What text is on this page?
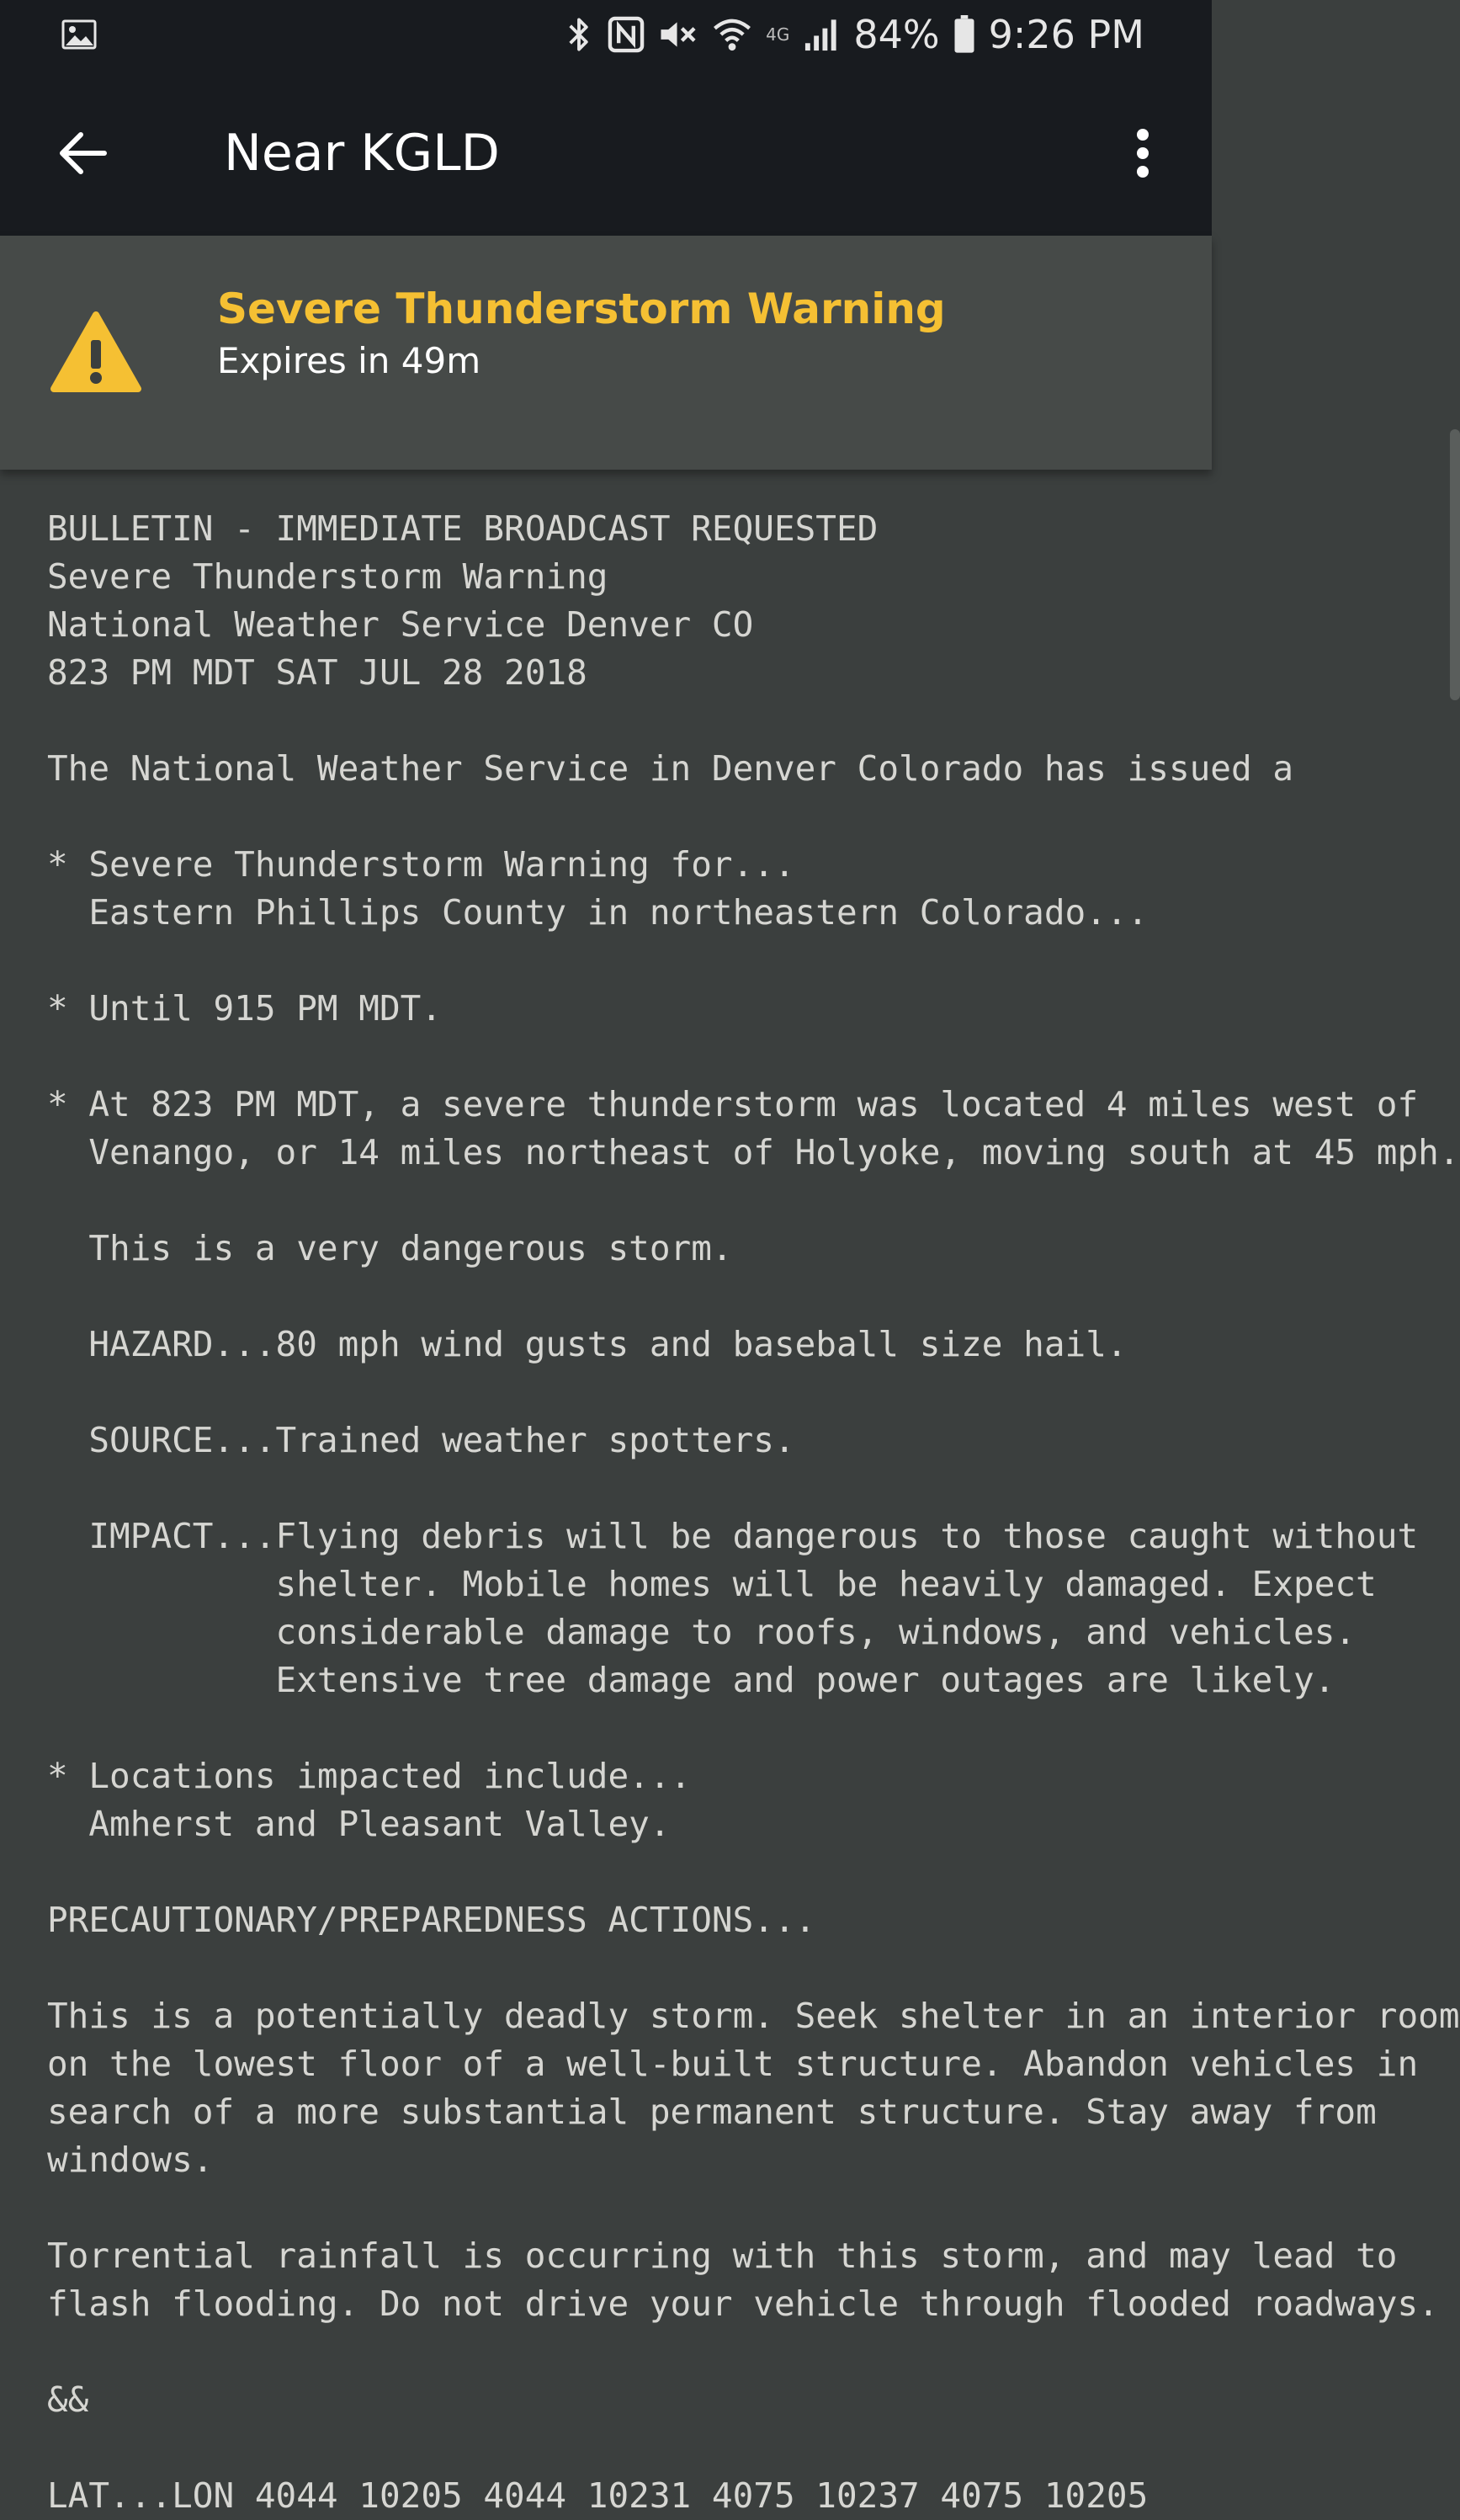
4G 84% 9:26 PM
Near KGLD
Severe Thunderstorm Warning
Expires in 49m
BULLETIN - IMMEDIATE BROADCAST REQUESTED
Severe Thunderstorm Warning
National Weather Service Denver CO
823 PM MDT SAT JUL 28 2018

The National Weather Service in Denver Colorado has issued a

* Severe Thunderstorm Warning for...
Eastern Phillips County in northeastern Colorado...

* Until 915 PM MDT.

* At 823 PM MDT, a severe thunderstorm was located 4 miles west of
Venango, or 14 miles northeast of Holyoke, moving south at 45 mph.

This is a very dangerous storm.

HAZARD...80 mph wind gusts and baseball size hail.

SOURCE...Trained weather spotters.

IMPACT...Flying debris will be dangerous to those caught without
shelter. Mobile homes will be heavily damaged. Expect
considerable damage to roofs, windows, and vehicles.
Extensive tree damage and power outages are likely.

* Locations impacted include...
Amherst and Pleasant Valley.

PRECAUTIONARY/PREPAREDNESS ACTIONS...

This is a potentially deadly storm. Seek shelter in an interior room
on the lowest floor of a well-built structure. Abandon vehicles in
search of a more substantial permanent structure. Stay away from
windows.

Torrential rainfall is occurring with this storm, and may lead to
flash flooding. Do not drive your vehicle through flooded roadways.

&&

LAT...LON 4044 10205 4044 10231 4075 10237 4075 10205
